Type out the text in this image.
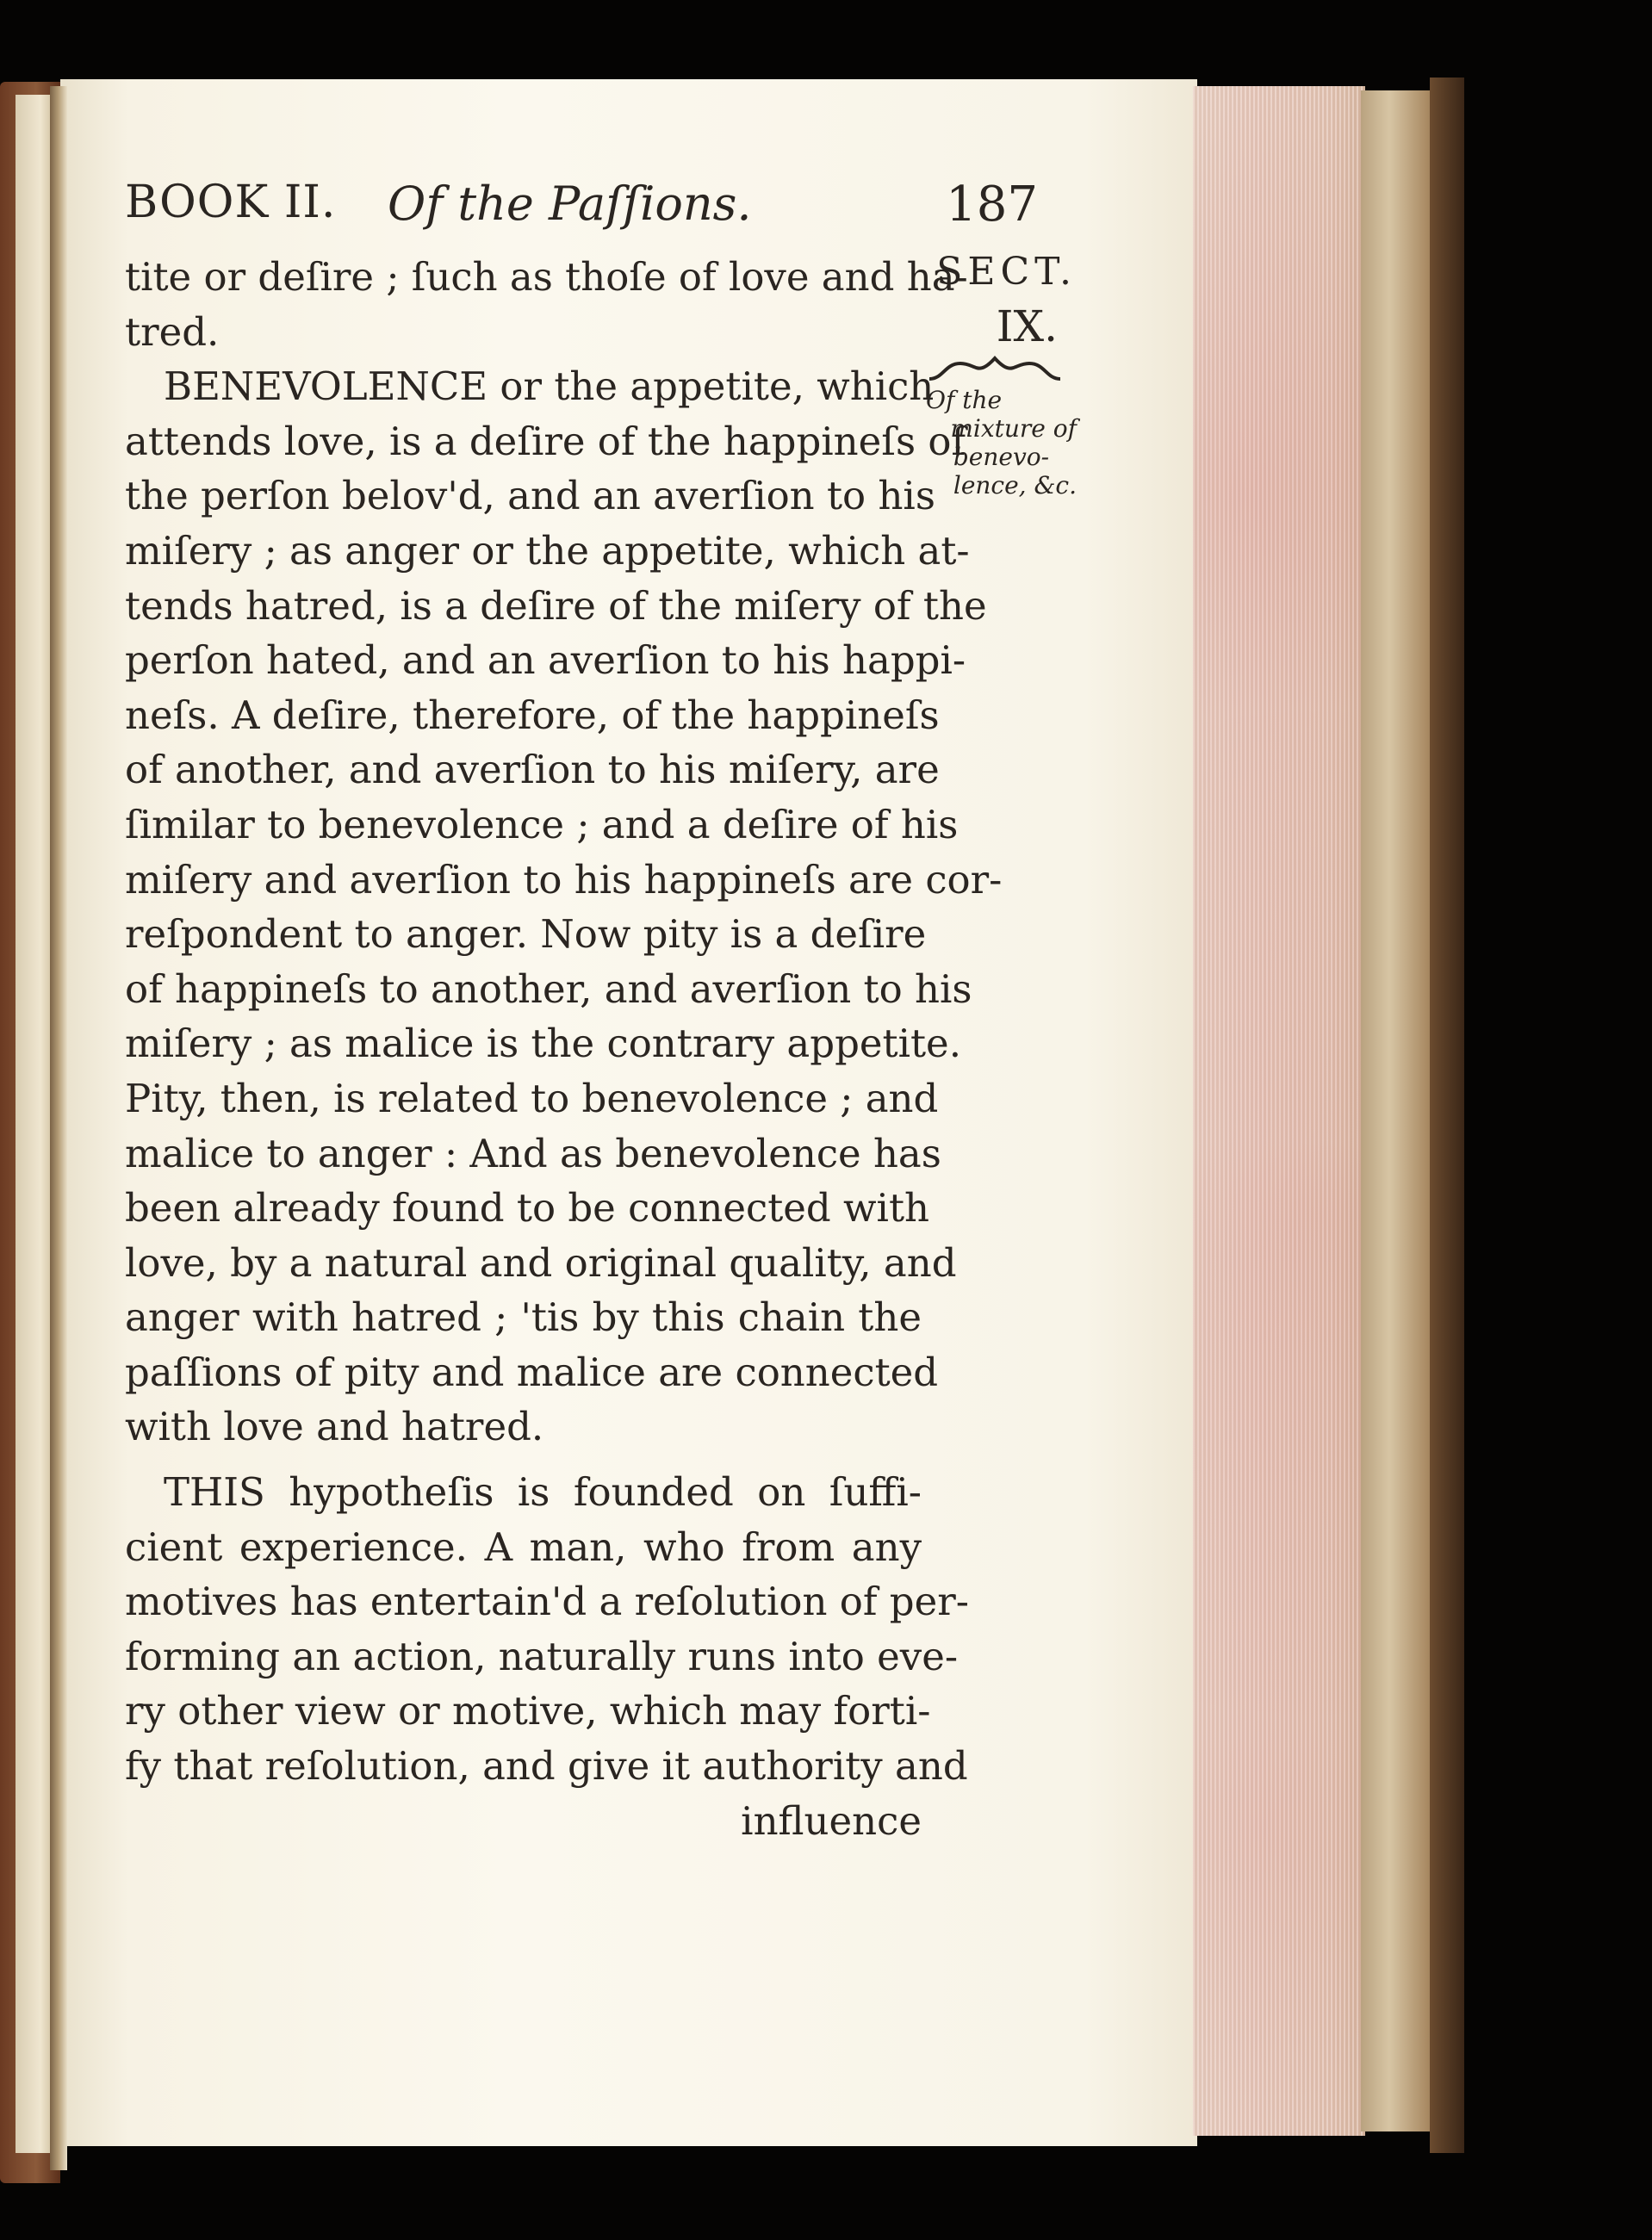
BOOK II. Of the Paſſions.	187
tite or deſire ; ſuch as thoſe of love and ha-
tred.
BENEVOLENCE or the appetite, which
attends love, is a deſire of the happineſs of
the perſon belov'd, and an averſion to his
miſery ; as anger or the appetite, which at-
tends hatred, is a deſire of the miſery of the
perſon hated, and an averſion to his happi-
neſs. A deſire, therefore, of the happineſs
of another, and averſion to his miſery, are
ſimilar to benevolence ; and a deſire of his
miſery and averſion to his happineſs are cor-
reſpondent to anger. Now pity is a deſire
of happineſs to another, and averſion to his
miſery ; as malice is the contrary appetite.
Pity, then, is related to benevolence ; and
malice to anger : And as benevolence has
been already found to be connected with
love, by a natural and original quality, and
anger with hatred ; 'tis by this chain the
paſſions of pity and malice are connected
with love and hatred.
THIS hypotheſis is founded on ſuffi-
cient experience. A man, who from any
motives has entertain'd a reſolution of per-
forming an action, naturally runs into eve-
ry other view or motive, which may forti-
fy that reſolution, and give it authority and
influence
SECT.
IX.
Of the
mixture of
benevo-
lence, &c.
